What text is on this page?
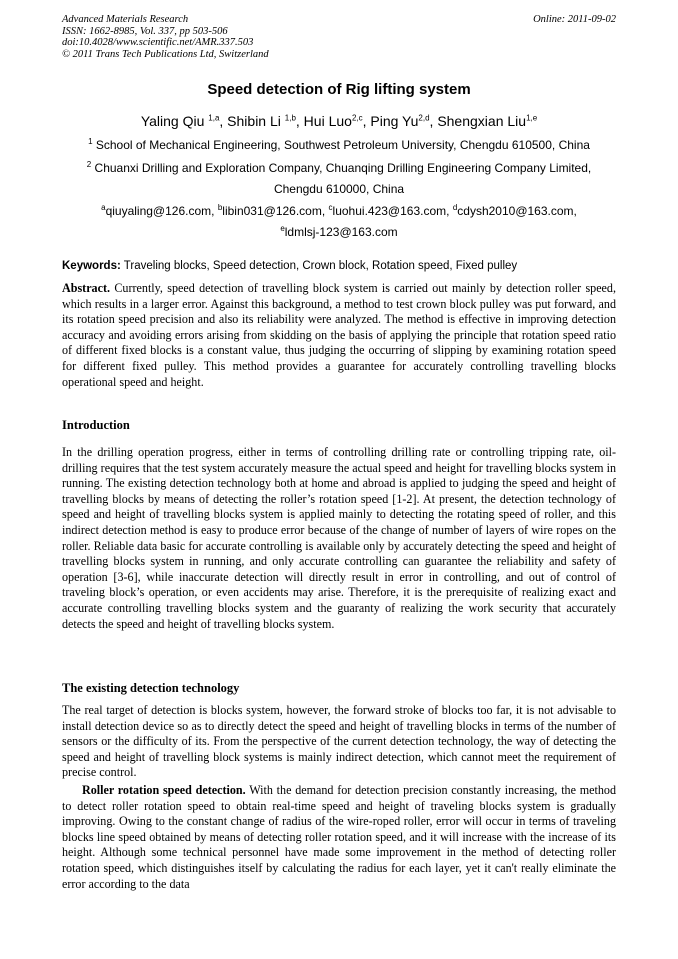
Advanced Materials Research
ISSN: 1662-8985, Vol. 337, pp 503-506
doi:10.4028/www.scientific.net/AMR.337.503
© 2011 Trans Tech Publications Ltd, Switzerland
Online: 2011-09-02
Speed detection of Rig lifting system
Yaling Qiu $^{1,a}$, Shibin Li $^{1,b}$, Hui Luo$^{2,c}$, Ping Yu$^{2,d}$, Shengxian Liu$^{1,e}$
$^1$ School of Mechanical Engineering, Southwest Petroleum University, Chengdu 610500, China
$^2$ Chuanxi Drilling and Exploration Company, Chuanqing Drilling Engineering Company Limited,
Chengdu 610000, China
$^a$qiuyaling@126.com, $^b$libin031@126.com, $^c$luohui.423@163.com, $^d$cdysh2010@163.com,
$^e$ldmlsj-123@163.com
Keywords: Traveling blocks, Speed detection, Crown block, Rotation speed, Fixed pulley
Abstract. Currently, speed detection of travelling block system is carried out mainly by detection roller speed, which results in a larger error. Against this background, a method to test crown block pulley was put forward, and its rotation speed precision and also its reliability were analyzed. The method is effective in improving detection accuracy and avoiding errors arising from skidding on the basis of applying the principle that rotation speed ratio of different fixed blocks is a constant value, thus judging the occurring of slipping by examining rotation speed for different fixed pulley. This method provides a guarantee for accurately controlling travelling blocks operational speed and height.
Introduction
In the drilling operation progress, either in terms of controlling drilling rate or controlling tripping rate, oil-drilling requires that the test system accurately measure the actual speed and height for travelling blocks system in running. The existing detection technology both at home and abroad is applied to judging the speed and height of travelling blocks by means of detecting the roller’s rotation speed [1-2]. At present, the detection technology of speed and height of travelling blocks system is applied mainly to detecting the rotating speed of roller, and this indirect detection method is easy to produce error because of the change of number of layers of wire ropes on the roller. Reliable data basic for accurate controlling is available only by accurately detecting the speed and height of travelling blocks system in running, and only accurate controlling can guarantee the reliability and safety of operation [3-6], while inaccurate detection will directly result in error in controlling, and out of control of traveling block’s operation, or even accidents may arise. Therefore, it is the prerequisite of realizing exact and accurate controlling travelling blocks system and the guaranty of realizing the work security that accurately detects the speed and height of travelling blocks system.
The existing detection technology
The real target of detection is blocks system, however, the forward stroke of blocks too far, it is not advisable to install detection device so as to directly detect the speed and height of travelling blocks in terms of the number of sensors or the difficulty of its. From the perspective of the current detection technology, the way of detecting the speed and height of travelling block systems is mainly indirect detection, which cannot meet the requirement of precise control.
Roller rotation speed detection. With the demand for detection precision constantly increasing, the method to detect roller rotation speed to obtain real-time speed and height of traveling blocks system is gradually improving. Owing to the constant change of radius of the wire-roped roller, error will occur in terms of traveling blocks line speed obtained by means of detecting roller rotation speed, and it will increase with the increase of its height. Although some technical personnel have made some improvement in the method of detecting roller rotation speed, which distinguishes itself by calculating the radius for each layer, yet it can't really eliminate the error according to the data
